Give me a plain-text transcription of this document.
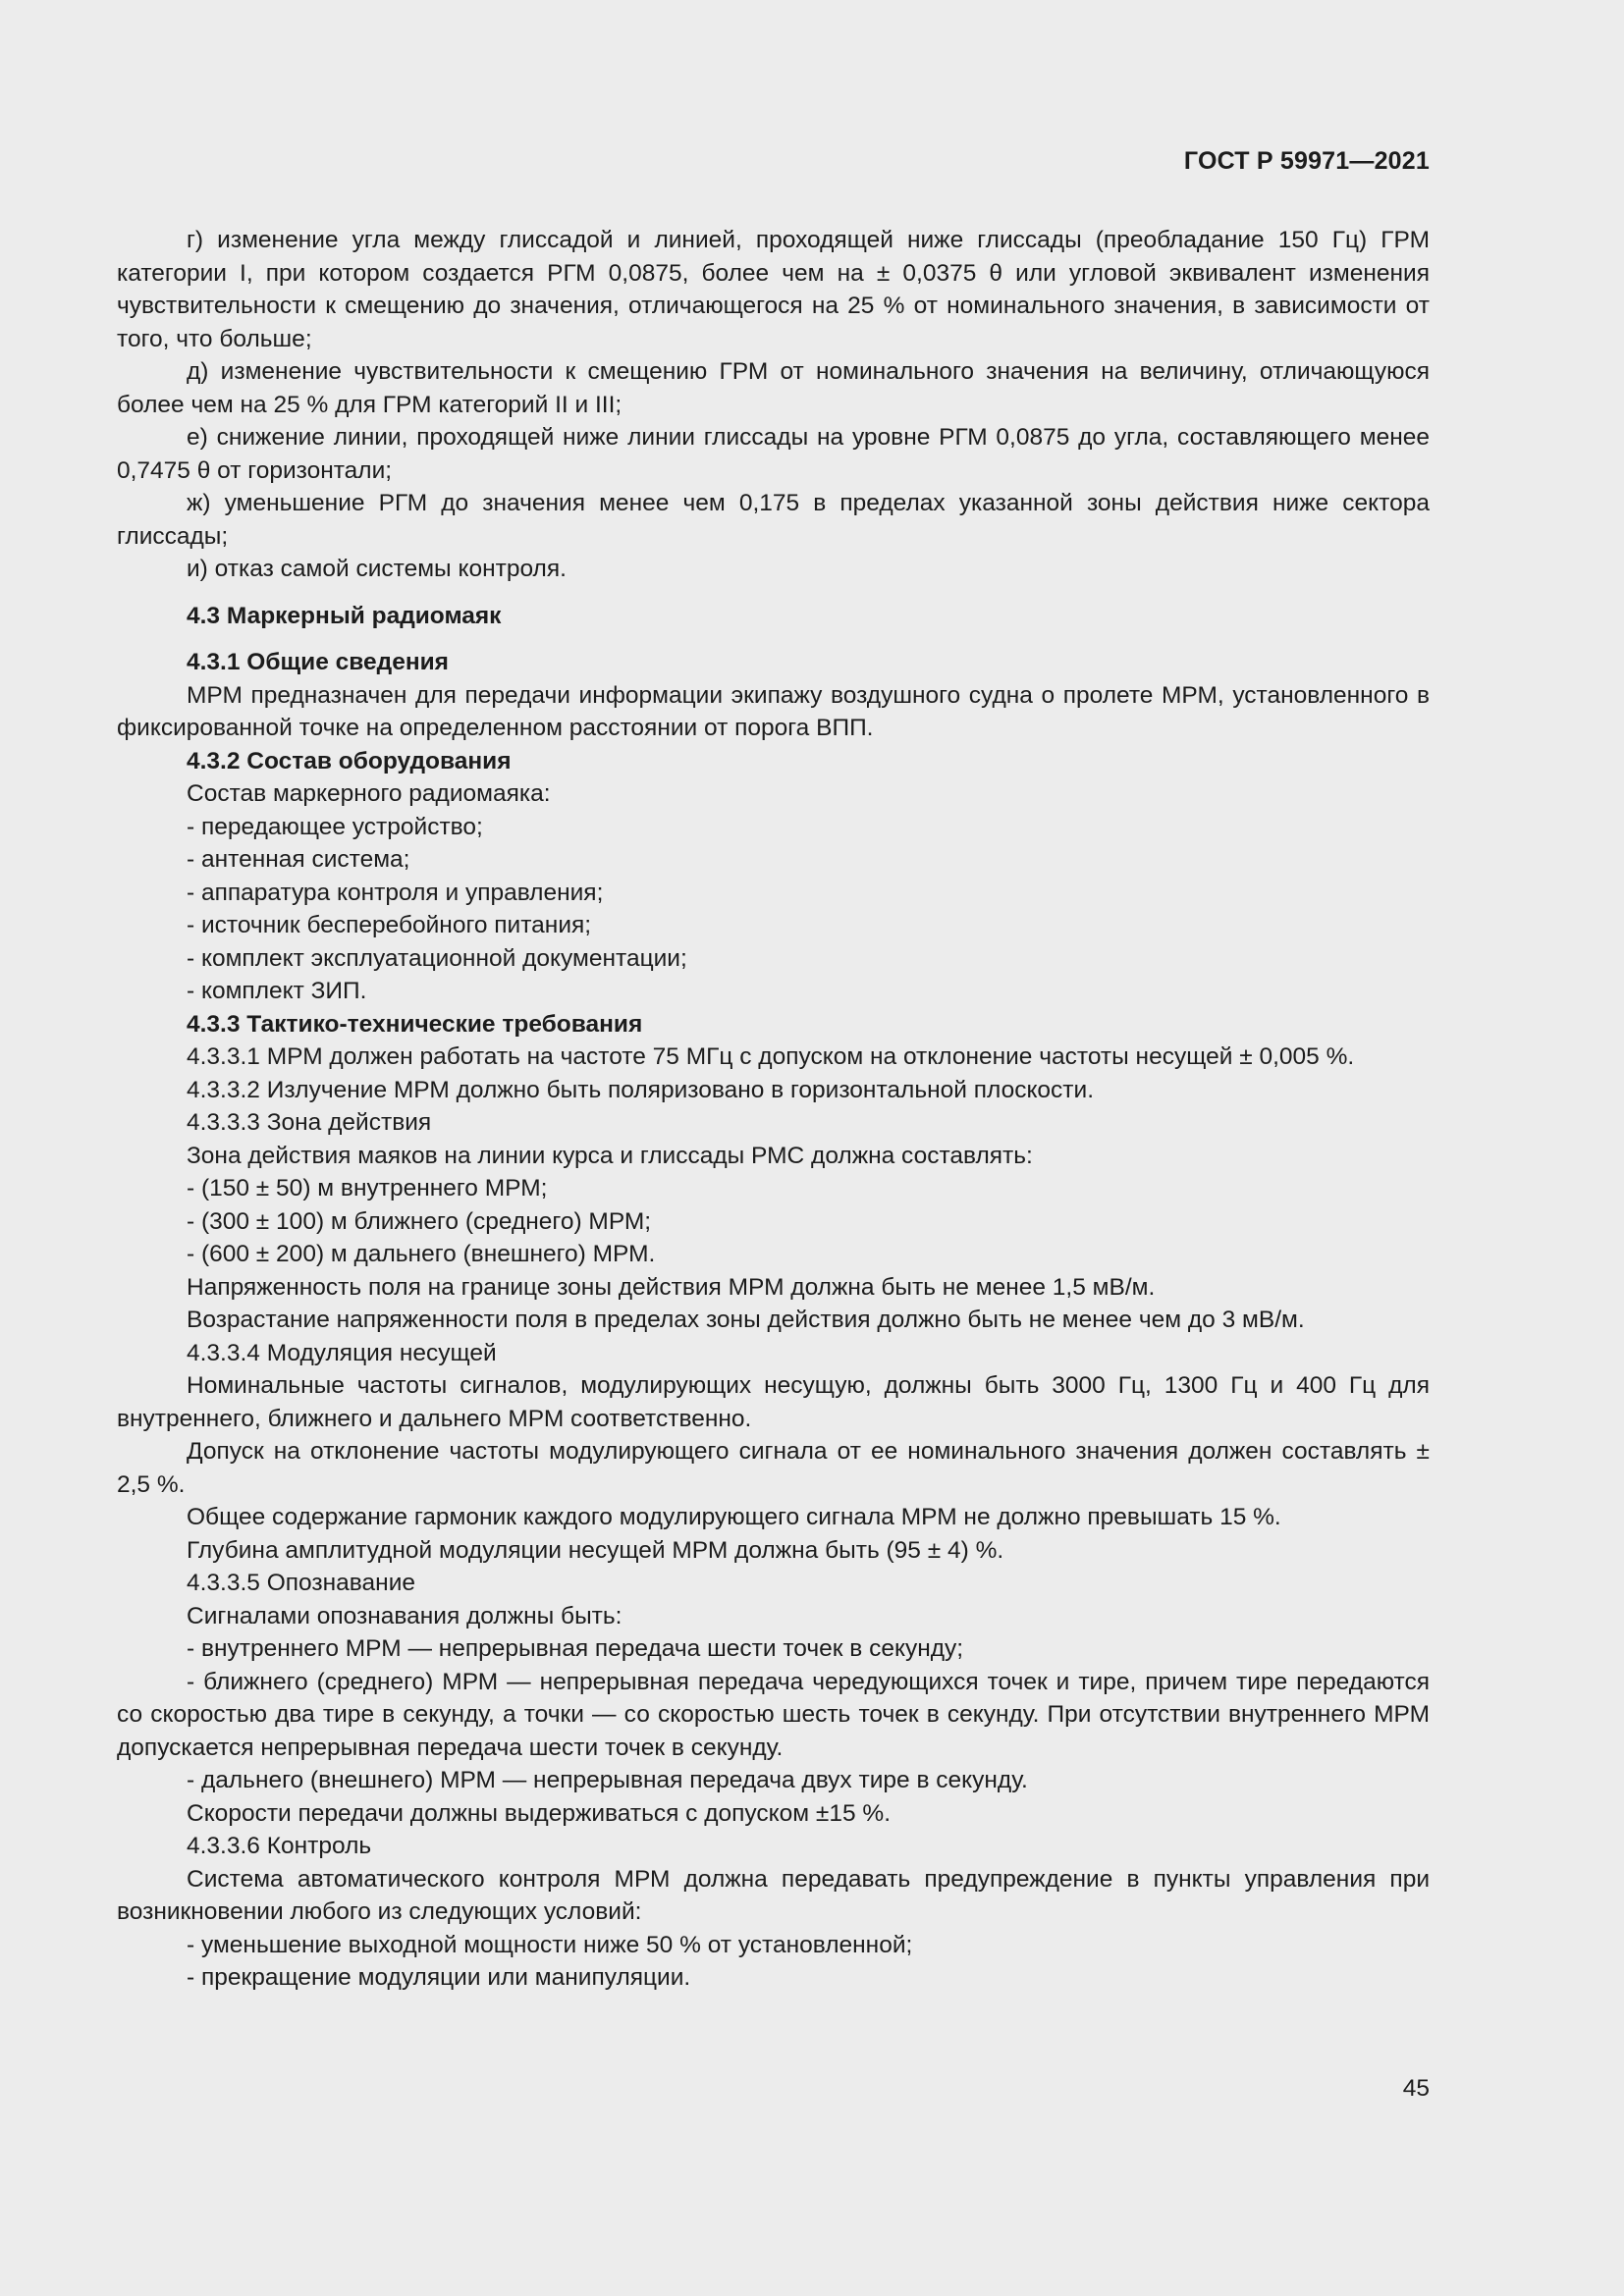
ГОСТ Р 59971—2021

г) изменение угла между глиссадой и линией, проходящей ниже глиссады (преобладание 150 Гц) ГРМ категории I, при котором создается РГМ 0,0875, более чем на ± 0,0375 θ или угловой эквивалент изменения чувствительности к смещению до значения, отличающегося на 25 % от номинального значения, в зависимости от того, что больше;

д) изменение чувствительности к смещению ГРМ от номинального значения на величину, отличающуюся более чем на 25 % для ГРМ категорий II и III;

е) снижение линии, проходящей ниже линии глиссады на уровне РГМ 0,0875 до угла, составляющего менее 0,7475 θ от горизонтали;

ж) уменьшение РГМ до значения менее чем 0,175 в пределах указанной зоны действия ниже сектора глиссады;

и) отказ самой системы контроля.

4.3 Маркерный радиомаяк

4.3.1 Общие сведения

МРМ предназначен для передачи информации экипажу воздушного судна о пролете МРМ, установленного в фиксированной точке на определенном расстоянии от порога ВПП.

4.3.2 Состав оборудования

Состав маркерного радиомаяка:

- передающее устройство;

- антенная система;

- аппаратура контроля и управления;

- источник бесперебойного питания;

- комплект эксплуатационной документации;

- комплект ЗИП.

4.3.3 Тактико-технические требования

4.3.3.1 МРМ должен работать на частоте 75 МГц с допуском на отклонение частоты несущей ± 0,005 %.

4.3.3.2 Излучение МРМ должно быть поляризовано в горизонтальной плоскости.

4.3.3.3 Зона действия

Зона действия маяков на линии курса и глиссады РМС должна составлять:

- (150 ± 50) м внутреннего МРМ;

- (300 ± 100) м ближнего (среднего) МРМ;

- (600 ± 200) м дальнего (внешнего) МРМ.

Напряженность поля на границе зоны действия МРМ должна быть не менее 1,5 мВ/м.

Возрастание напряженности поля в пределах зоны действия должно быть не менее чем до 3 мВ/м.

4.3.3.4 Модуляция несущей

Номинальные частоты сигналов, модулирующих несущую, должны быть 3000 Гц, 1300 Гц и 400 Гц для внутреннего, ближнего и дальнего МРМ соответственно.

Допуск на отклонение частоты модулирующего сигнала от ее номинального значения должен составлять ± 2,5 %.

Общее содержание гармоник каждого модулирующего сигнала МРМ не должно превышать 15 %.

Глубина амплитудной модуляции несущей МРМ должна быть (95 ± 4) %.

4.3.3.5 Опознавание

Сигналами опознавания должны быть:

- внутреннего МРМ — непрерывная передача шести точек в секунду;

- ближнего (среднего) МРМ — непрерывная передача чередующихся точек и тире, причем тире передаются со скоростью два тире в секунду, а точки — со скоростью шесть точек в секунду. При отсутствии внутреннего МРМ допускается непрерывная передача шести точек в секунду.

- дальнего (внешнего) МРМ — непрерывная передача двух тире в секунду.

Скорости передачи должны выдерживаться с допуском ±15 %.

4.3.3.6 Контроль

Система автоматического контроля МРМ должна передавать предупреждение в пункты управления при возникновении любого из следующих условий:

- уменьшение выходной мощности ниже 50 % от установленной;

- прекращение модуляции или манипуляции.

45
